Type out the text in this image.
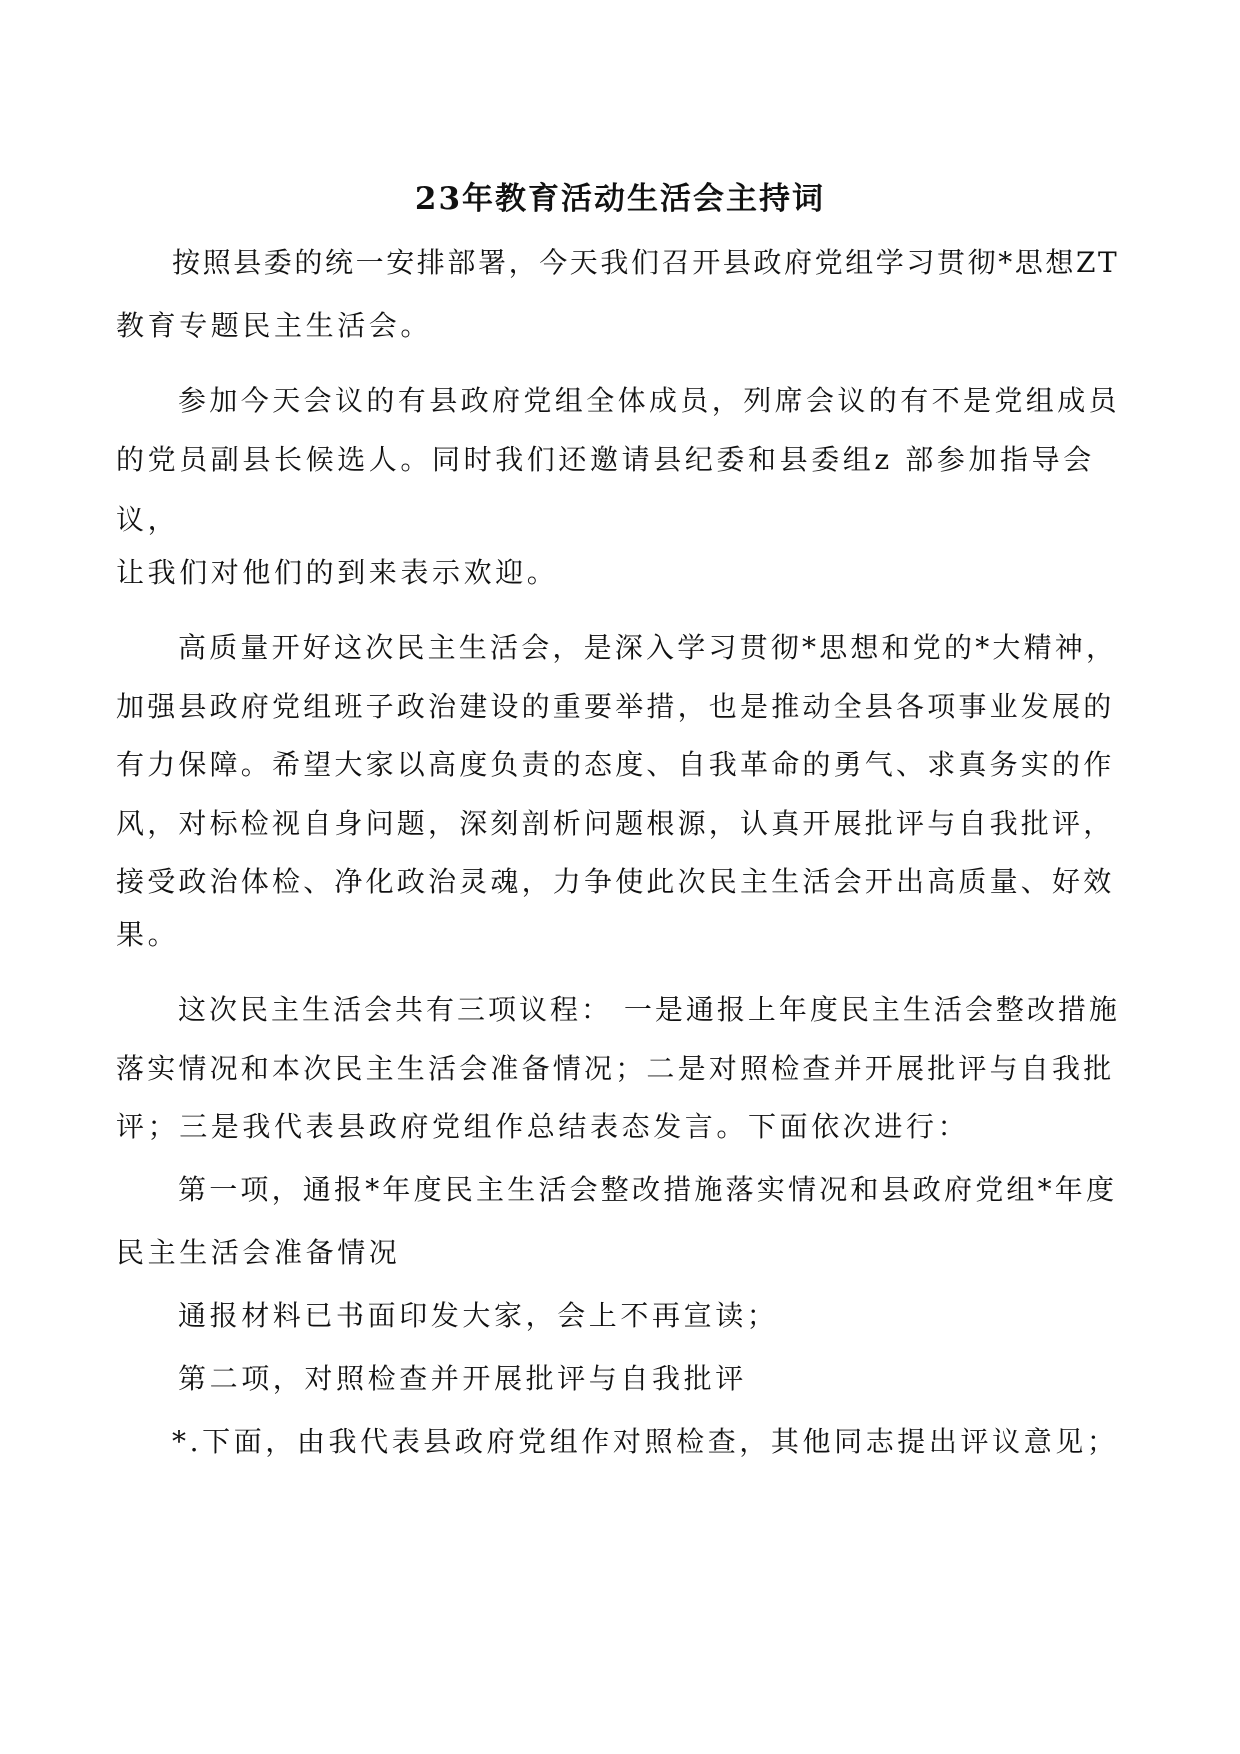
23年教育活动生活会主持词
按照县委的统一安排部署，今天我们召开县政府党组学习贯彻*思想ZT
教育专题民主生活会。
参加今天会议的有县政府党组全体成员，列席会议的有不是党组成员
的党员副县长候选人。同时我们还邀请县纪委和县委组z 部参加指导会
议，
让我们对他们的到来表示欢迎。
高质量开好这次民主生活会，是深入学习贯彻*思想和党的*大精神，
加强县政府党组班子政治建设的重要举措，也是推动全县各项事业发展的
有力保障。希望大家以高度负责的态度、自我革命的勇气、求真务实的作
风，对标检视自身问题，深刻剖析问题根源，认真开展批评与自我批评，
接受政治体检、净化政治灵魂，力争使此次民主生活会开出高质量、好效
果。
这次民主生活会共有三项议程： 一是通报上年度民主生活会整改措施
落实情况和本次民主生活会准备情况；二是对照检查并开展批评与自我批
评；三是我代表县政府党组作总结表态发言。下面依次进行：
第一项，通报*年度民主生活会整改措施落实情况和县政府党组*年度
民主生活会准备情况
通报材料已书面印发大家，会上不再宣读；
第二项，对照检查并开展批评与自我批评
*.下面，由我代表县政府党组作对照检查，其他同志提出评议意见；
